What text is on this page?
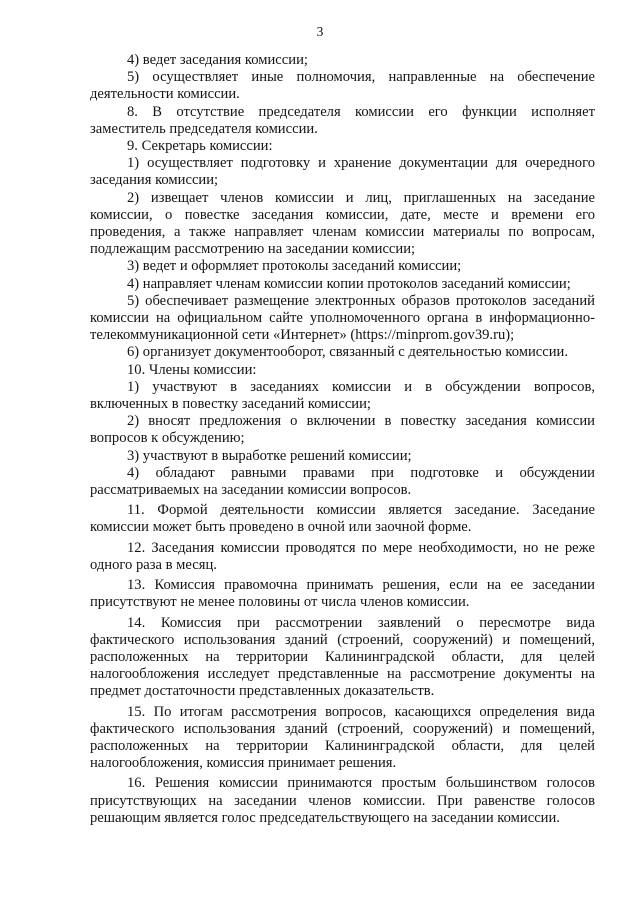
3

4) ведет заседания комиссии;

5) осуществляет иные полномочия, направленные на обеспечение деятельности комиссии.

8. В отсутствие председателя комиссии его функции исполняет заместитель председателя комиссии.

9. Секретарь комиссии:

1) осуществляет подготовку и хранение документации для очередного заседания комиссии;

2) извещает членов комиссии и лиц, приглашенных на заседание комиссии, о повестке заседания комиссии, дате, месте и времени его проведения, а также направляет членам комиссии материалы по вопросам, подлежащим рассмотрению на заседании комиссии;

3) ведет и оформляет протоколы заседаний комиссии;

4) направляет членам комиссии копии протоколов заседаний комиссии;

5) обеспечивает размещение электронных образов протоколов заседаний комиссии на официальном сайте уполномоченного органа в информационно-телекоммуникационной сети «Интернет» (https://minprom.gov39.ru);

6) организует документооборот, связанный с деятельностью комиссии.

10. Члены комиссии:

1) участвуют в заседаниях комиссии и в обсуждении вопросов, включенных в повестку заседаний комиссии;

2) вносят предложения о включении в повестку заседания комиссии вопросов к обсуждению;

3) участвуют в выработке решений комиссии;

4) обладают равными правами при подготовке и обсуждении рассматриваемых на заседании комиссии вопросов.

11. Формой деятельности комиссии является заседание. Заседание комиссии может быть проведено в очной или заочной форме.

12. Заседания комиссии проводятся по мере необходимости, но не реже одного раза в месяц.

13. Комиссия правомочна принимать решения, если на ее заседании присутствуют не менее половины от числа членов комиссии.

14. Комиссия при рассмотрении заявлений о пересмотре вида фактического использования зданий (строений, сооружений) и помещений, расположенных на территории Калининградской области, для целей налогообложения исследует представленные на рассмотрение документы на предмет достаточности представленных доказательств.

15. По итогам рассмотрения вопросов, касающихся определения вида фактического использования зданий (строений, сооружений) и помещений, расположенных на территории Калининградской области, для целей налогообложения, комиссия принимает решения.

16. Решения комиссии принимаются простым большинством голосов присутствующих на заседании членов комиссии. При равенстве голосов решающим является голос председательствующего на заседании комиссии.
